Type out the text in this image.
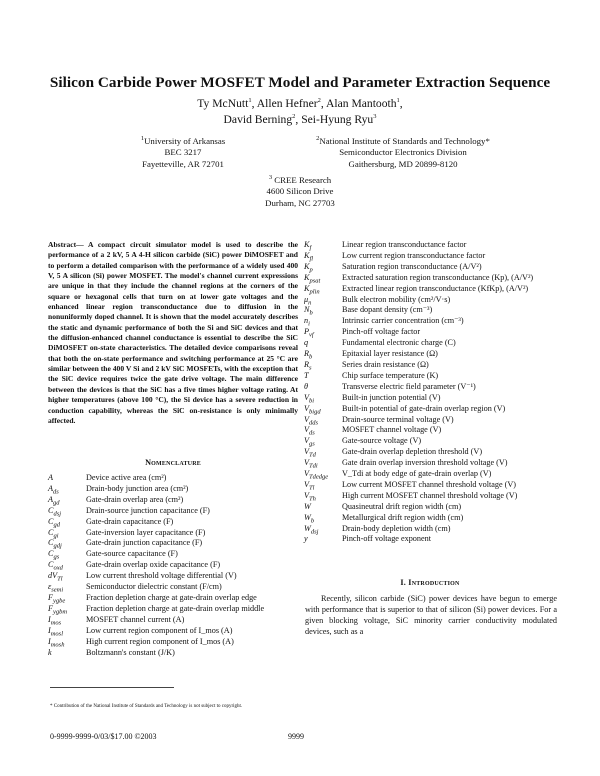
Silicon Carbide Power MOSFET Model and Parameter Extraction Sequence
Ty McNutt$^1$, Allen Hefner$^2$, Alan Mantooth$^1$,
David Berning$^2$, Sei-Hyung Ryu$^3$
$^1$University of Arkansas
BEC 3217
Fayetteville, AR 72701
$^2$National Institute of Standards and Technology*
Semiconductor Electronics Division
Gaithersburg, MD 20899-8120
$^3$ CREE Research
4600 Silicon Drive
Durham, NC 27703
Abstract— A compact circuit simulator model is used to describe the performance of a 2 kV, 5 A 4-H silicon carbide (SiC) power DiMOSFET and to perform a detailed comparison with the performance of a widely used 400 V, 5 A silicon (Si) power MOSFET. The model's channel current expressions are unique in that they include the channel regions at the corners of the square or hexagonal cells that turn on at lower gate voltages and the enhanced linear region transconductance due to diffusion in the nonuniformly doped channel. It is shown that the model accurately describes the static and dynamic performance of both the Si and SiC devices and that the diffusion-enhanced channel conductance is essential to describe the SiC DiMOSFET on-state characteristics. The detailed device comparisons reveal that both the on-state performance and switching performance at 25 °C are similar between the 400 V Si and 2 kV SiC MOSFETs, with the exception that the SiC device requires twice the gate drive voltage. The main difference between the devices is that the SiC has a five times higher voltage rating. At higher temperatures (above 100 °C), the Si device has a severe reduction in conduction capability, whereas the SiC on-resistance is only minimally affected.
Nomenclature
A	Device active area (cm²)
$A_{ds}$	Drain-body junction area (cm²)
$A_{gd}$	Gate-drain overlap area (cm²)
$C_{dsj}$	Drain-source junction capacitance (F)
$C_{gd}$	Gate-drain capacitance (F)
$C_{gi}$	Gate-inversion layer capacitance (F)
$C_{gdj}$	Gate-drain junction capacitance (F)
$C_{gs}$	Gate-source capacitance (F)
$C_{oxd}$	Gate-drain overlap oxide capacitance (F)
$dV_{Tl}$	Low current threshold voltage differential (V)
$\varepsilon_{semi}$	Semiconductor dielectric constant (F/cm)
$F_{ygbe}$	Fraction depletion charge at gate-drain overlap edge
$F_{ygbm}$	Fraction depletion charge at gate-drain overlap middle
$I_{mos}$	MOSFET channel current (A)
$I_{mosl}$	Low current region component of I_mos (A)
$I_{mosh}$	High current region component of I_mos (A)
k	Boltzmann's constant (J/K)
$K_f$	Linear region transconductance factor
$K_{fl}$	Low current region transconductance factor
$K_p$	Saturation region transconductance (A/V²)
$K_{psat}$	Extracted saturation region transconductance (Kp), (A/V²)
$K_{plin}$	Extracted linear region transconductance (KfKp), (A/V²)
$\mu_n$	Bulk electron mobility (cm²/V·s)
$N_b$	Base dopant density (cm⁻³)
$n_i$	Intrinsic carrier concentration (cm⁻³)
$P_{vf}$	Pinch-off voltage factor
q	Fundamental electronic charge (C)
$R_b$	Epitaxial layer resistance (Ω)
$R_s$	Series drain resistance (Ω)
T	Chip surface temperature (K)
θ	Transverse electric field parameter (V⁻¹)
$V_{bi}$	Built-in junction potential (V)
$V_{bigd}$	Built-in potential of gate-drain overlap region (V)
$V_{dds}$	Drain-source terminal voltage (V)
$V_{ds}$	MOSFET channel voltage (V)
$V_{gs}$	Gate-source voltage (V)
$V_{Td}$	Gate-drain overlap depletion threshold (V)
$V_{Tdi}$	Gate drain overlap inversion threshold voltage (V)
$V_{Tdedge}$	V_Tdi at body edge of gate-drain overlap (V)
$V_{Tl}$	Low current MOSFET channel threshold voltage (V)
$V_{Th}$	High current MOSFET channel threshold voltage (V)
W	Quasineutral drift region width (cm)
$W_b$	Metallurgical drift region width (cm)
$W_{dsj}$	Drain-body depletion width (cm)
y	Pinch-off voltage exponent
I. Introduction
Recently, silicon carbide (SiC) power devices have begun to emerge with performance that is superior to that of silicon (Si) power devices. For a given blocking voltage, SiC minority carrier conductivity modulated devices, such as a
* Contribution of the National Institute of Standards and Technology is not subject to copyright.
0-9999-9999-0/03/$17.00 ©2003	9999
